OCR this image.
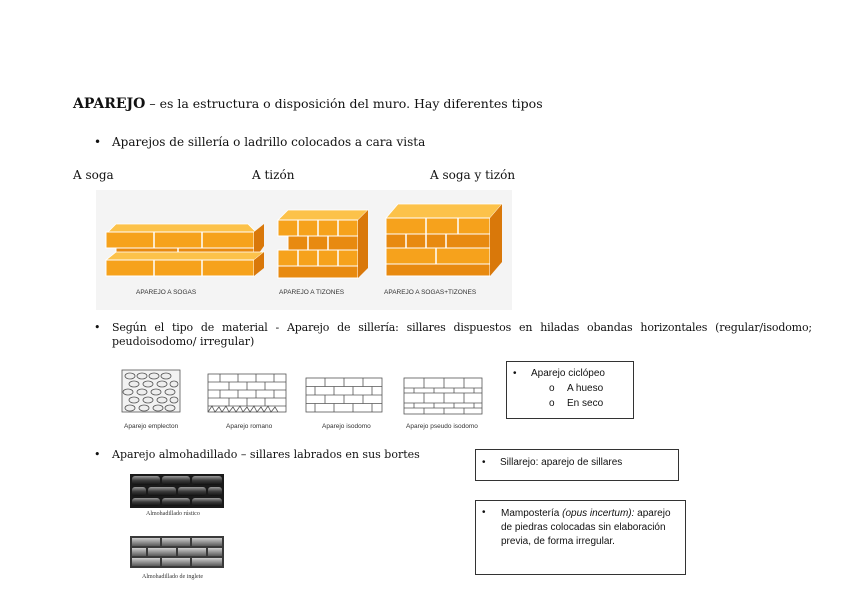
APAREJO – es la estructura o disposición del muro. Hay diferentes tipos
• Aparejos de sillería o ladrillo colocados a cara vista
A soga	A tizón	A soga y tizón
APAREJO A SOGAS	APAREJO A TIZONES	APAREJO A SOGAS+TIZONES
• Según el tipo de material - Aparejo de sillería: sillares dispuestos en hiladas obandas horizontales (regular/isodomo;
peudoisodomo/ irregular)
Aparejo emplecton	Aparejo romano	Aparejo isodomo	Aparejo pseudo isodomo
• Aparejo ciclópeo
o A hueso
o En seco
• Aparejo almohadillado – sillares labrados en sus bortes
Almohadillado rústico
Almohadillado de inglete
• Sillarejo: aparejo de sillares
• Mampostería (opus incertum): aparejo de piedras colocadas sin elaboración previa, de forma irregular.
